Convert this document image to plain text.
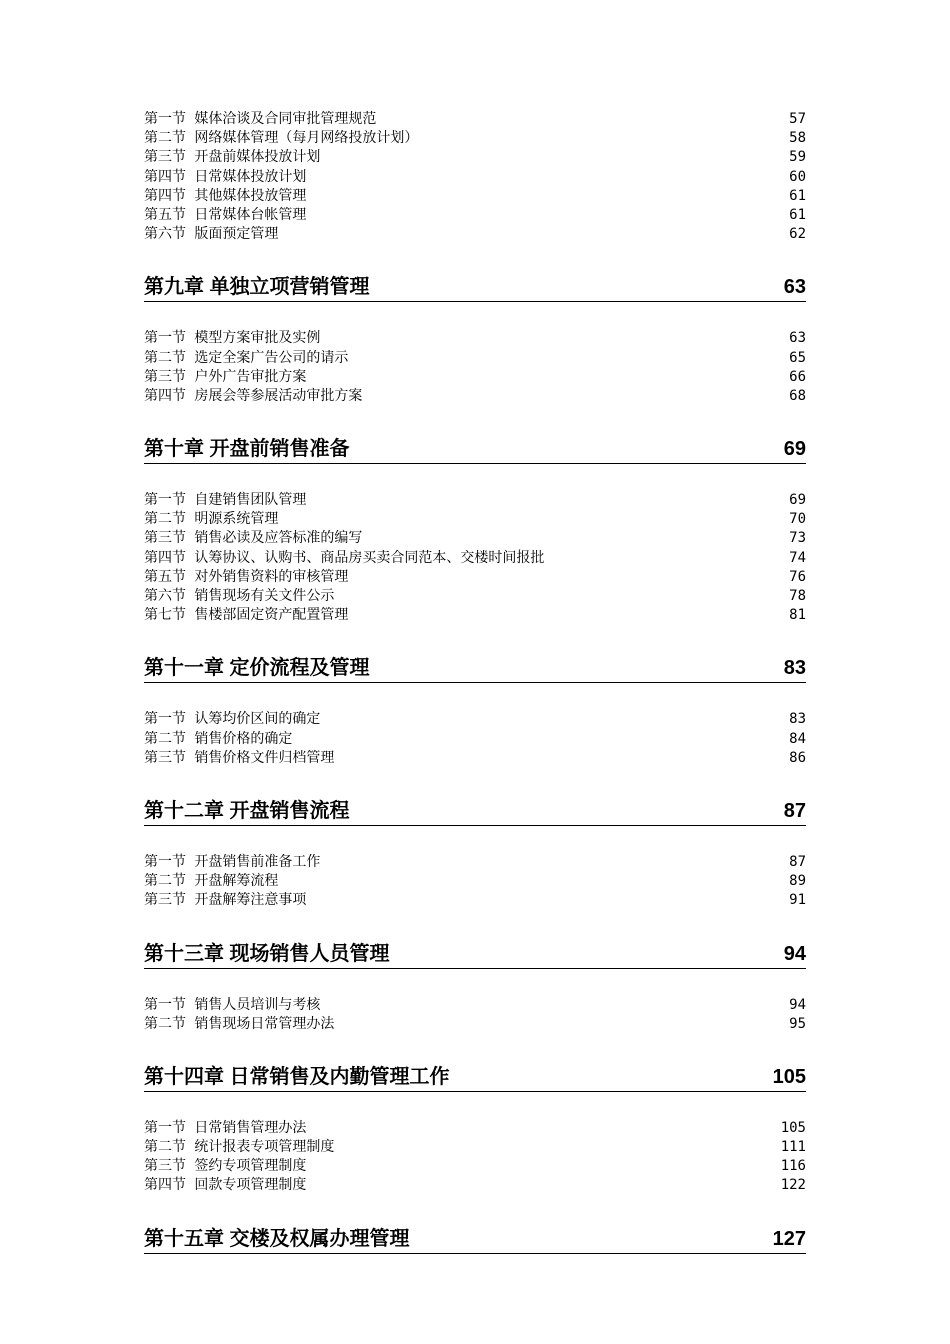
第一节 媒体洽谈及合同审批管理规范	57
第二节 网络媒体管理（每月网络投放计划）	58
第三节 开盘前媒体投放计划	59
第四节 日常媒体投放计划	60
第四节 其他媒体投放管理	61
第五节 日常媒体台帐管理	61
第六节 版面预定管理	62
第九章 单独立项营销管理	63
第一节 模型方案审批及实例	63
第二节 选定全案广告公司的请示	65
第三节 户外广告审批方案	66
第四节 房展会等参展活动审批方案	68
第十章 开盘前销售准备	69
第一节 自建销售团队管理	69
第二节 明源系统管理	70
第三节 销售必读及应答标准的编写	73
第四节 认筹协议、认购书、商品房买卖合同范本、交楼时间报批	74
第五节 对外销售资料的审核管理	76
第六节 销售现场有关文件公示	78
第七节 售楼部固定资产配置管理	81
第十一章 定价流程及管理	83
第一节 认筹均价区间的确定	83
第二节 销售价格的确定	84
第三节 销售价格文件归档管理	86
第十二章 开盘销售流程	87
第一节 开盘销售前准备工作	87
第二节 开盘解筹流程	89
第三节 开盘解筹注意事项	91
第十三章 现场销售人员管理	94
第一节 销售人员培训与考核	94
第二节 销售现场日常管理办法	95
第十四章 日常销售及内勤管理工作	105
第一节 日常销售管理办法	105
第二节 统计报表专项管理制度	111
第三节 签约专项管理制度	116
第四节 回款专项管理制度	122
第十五章 交楼及权属办理管理	127
